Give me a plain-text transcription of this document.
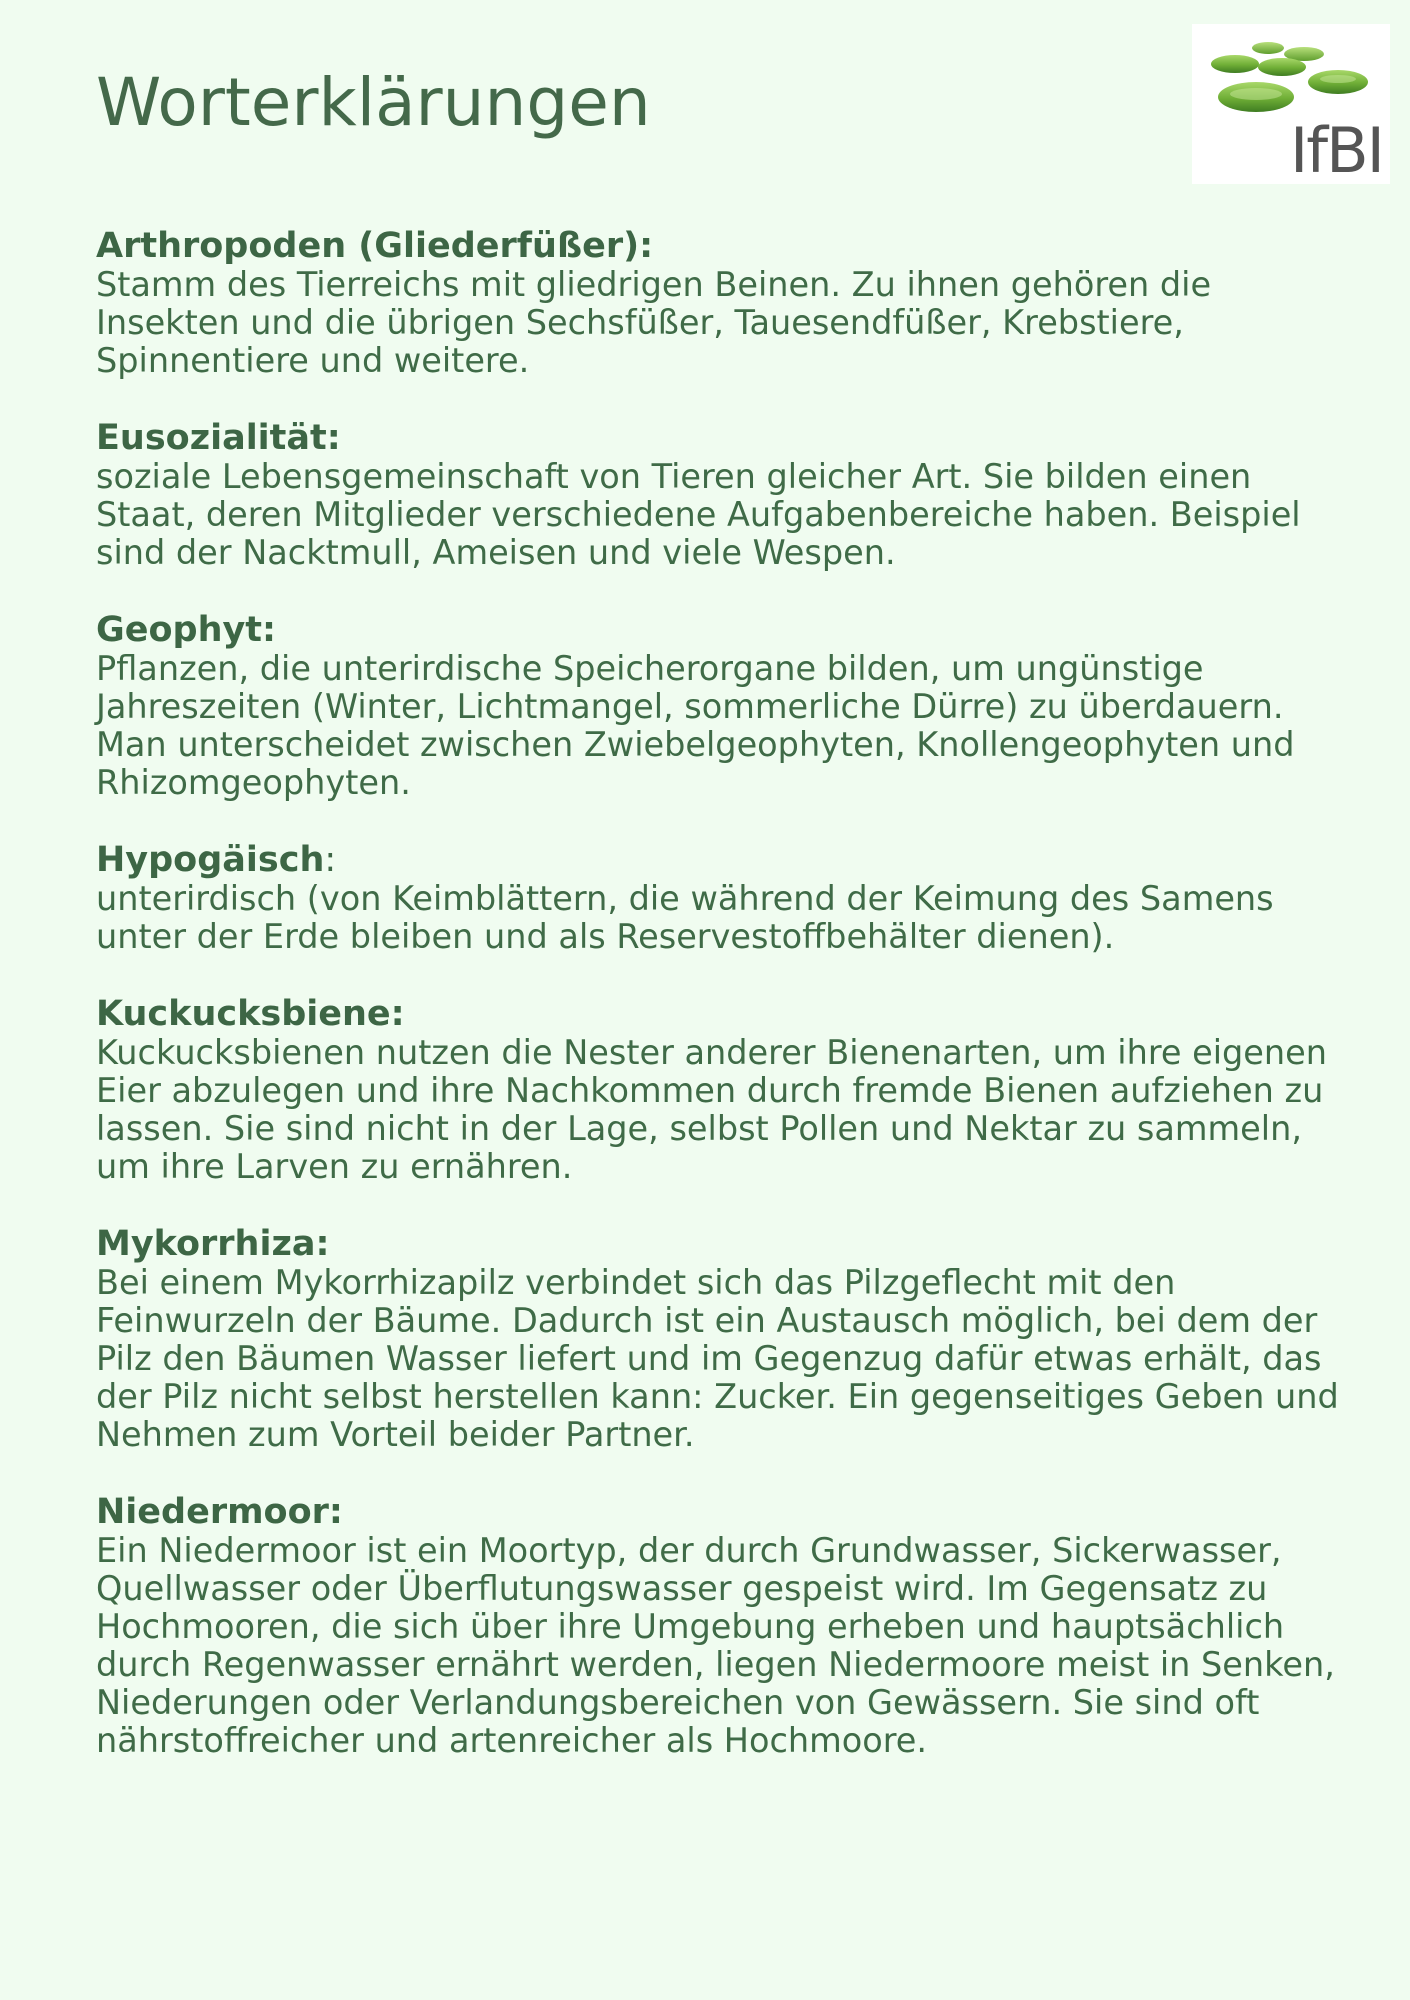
Worterklärungen
IfBI

Arthropoden (Gliederfüßer):

Stamm des Tierreichs mit gliedrigen Beinen. Zu ihnen gehören die Insekten und die übrigen Sechsfüßer, Tauesendfüßer, Krebstiere, Spinnentiere und weitere.

Eusozialität:

soziale Lebensgemeinschaft von Tieren gleicher Art. Sie bilden einen Staat, deren Mitglieder verschiedene Aufgabenbereiche haben. Beispiel sind der Nacktmull, Ameisen und viele Wespen.

Geophyt:

Pflanzen, die unterirdische Speicherorgane bilden, um ungünstige Jahreszeiten (Winter, Lichtmangel, sommerliche Dürre) zu überdauern. Man unterscheidet zwischen Zwiebelgeophyten, Knollengeophyten und Rhizomgeophyten.

Hypogäisch:

unterirdisch (von Keimblättern, die während der Keimung des Samens unter der Erde bleiben und als Reservestoffbehälter dienen).

Kuckucksbiene:

Kuckucksbienen nutzen die Nester anderer Bienenarten, um ihre eigenen Eier abzulegen und ihre Nachkommen durch fremde Bienen aufziehen zu lassen. Sie sind nicht in der Lage, selbst Pollen und Nektar zu sammeln, um ihre Larven zu ernähren.

Mykorrhiza:

Bei einem Mykorrhizapilz verbindet sich das Pilzgeflecht mit den Feinwurzeln der Bäume. Dadurch ist ein Austausch möglich, bei dem der Pilz den Bäumen Wasser liefert und im Gegenzug dafür etwas erhält, das der Pilz nicht selbst herstellen kann: Zucker. Ein gegenseitiges Geben und Nehmen zum Vorteil beider Partner.

Niedermoor:

Ein Niedermoor ist ein Moortyp, der durch Grundwasser, Sickerwasser, Quellwasser oder Überflutungswasser gespeist wird. Im Gegensatz zu Hochmooren, die sich über ihre Umgebung erheben und hauptsächlich durch Regenwasser ernährt werden, liegen Niedermoore meist in Senken, Niederungen oder Verlandungsbereichen von Gewässern. Sie sind oft nährstoffreicher und artenreicher als Hochmoore.
